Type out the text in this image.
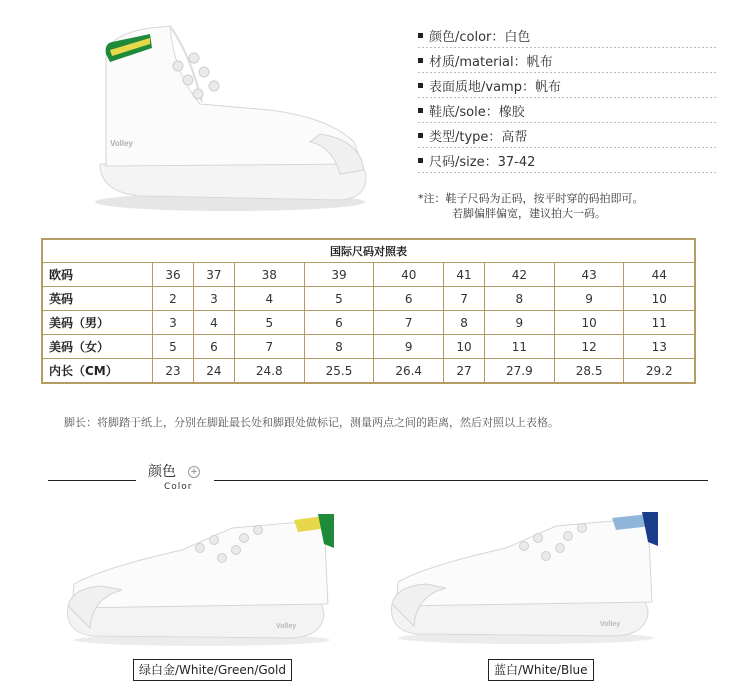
Volley
颜色/color：白色
材质/material：帆布
表面质地/vamp：帆布
鞋底/sole：橡胶
类型/type：高帮
尺码/size：37-42
*注：鞋子尺码为正码，按平时穿的码拍即可。
若脚偏胖偏宽，建议拍大一码。
国际尺码对照表									
欧码	36	37	38	39	40	41	42	43	44
英码	2	3	4	5	6	7	8	9	10
美码（男）	3	4	5	6	7	8	9	10	11
美码（女）	5	6	7	8	9	10	11	12	13
内长（CM）	23	24	24.8	25.5	26.4	27	27.9	28.5	29.2
脚长：将脚踏于纸上，分别在脚趾最长处和脚跟处做标记，测量两点之间的距离，然后对照以上表格。
颜色 +
Color
Volley	Volley
绿白金/White/Green/Gold	蓝白/White/Blue
